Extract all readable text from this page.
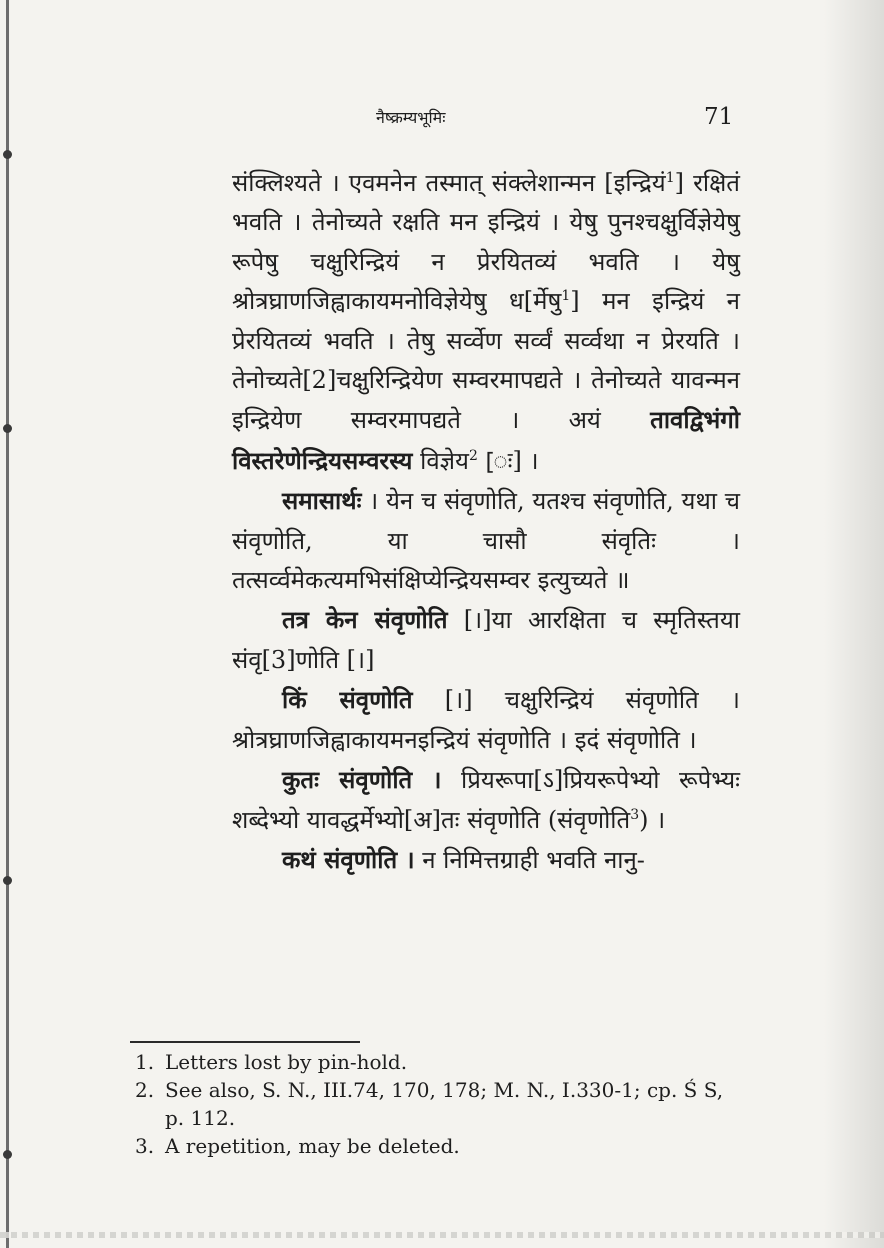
नैष्क्रम्यभूमिः	71

संक्लिश्यते । एवमनेन तस्मात् संक्लेशान्मन [इन्द्रियं$^1$] रक्षितं भवति । तेनोच्यते रक्षति मन इन्द्रियं । येषु पुनश्चक्षुर्विज्ञेयेषु रूपेषु चक्षुरिन्द्रियं न प्रेरयितव्यं भवति । येषु श्रोत्रघ्राणजिह्वाकायमनोविज्ञेयेषु ध[र्मेषु$^1$] मन इन्द्रियं न प्रेरयितव्यं भवति । तेषु सर्व्वेण सर्व्वं सर्व्वथा न प्रेरयति । तेनोच्यते[2]चक्षुरिन्द्रियेण सम्वरमापद्यते । तेनोच्यते यावन्मन इन्द्रियेण सम्वरमापद्यते । अयं तावद्विभंगो विस्तरेणेन्द्रियसम्वरस्य विज्ञेय$^2$ [ः] ।

समासार्थः । येन च संवृणोति, यतश्च संवृणोति, यथा च संवृणोति, या चासौ संवृतिः । तत्सर्व्वमेकत्यमभिसंक्षिप्येन्द्रियसम्वर इत्युच्यते ॥

तत्र केन संवृणोति [।]या आरक्षिता च स्मृतिस्तया संवृ[3]णोति [।]

किं संवृणोति [।] चक्षुरिन्द्रियं संवृणोति । श्रोत्रघ्राणजिह्वाकायमनइन्द्रियं संवृणोति । इदं संवृणोति ।

कुतः संवृणोति । प्रियरूपा[ऽ]प्रियरूपेभ्यो रूपेभ्यः शब्देभ्यो यावद्धर्मेभ्यो[अ]तः संवृणोति (संवृणोति$^3$) ।

कथं संवृणोति । न निमित्तग्राही भवति नानु-

1. Letters lost by pin-hold.
2. See also, S. N., III.74, 170, 178; M. N., I.330-1; cp. Ś S, p. 112.
3. A repetition, may be deleted.
